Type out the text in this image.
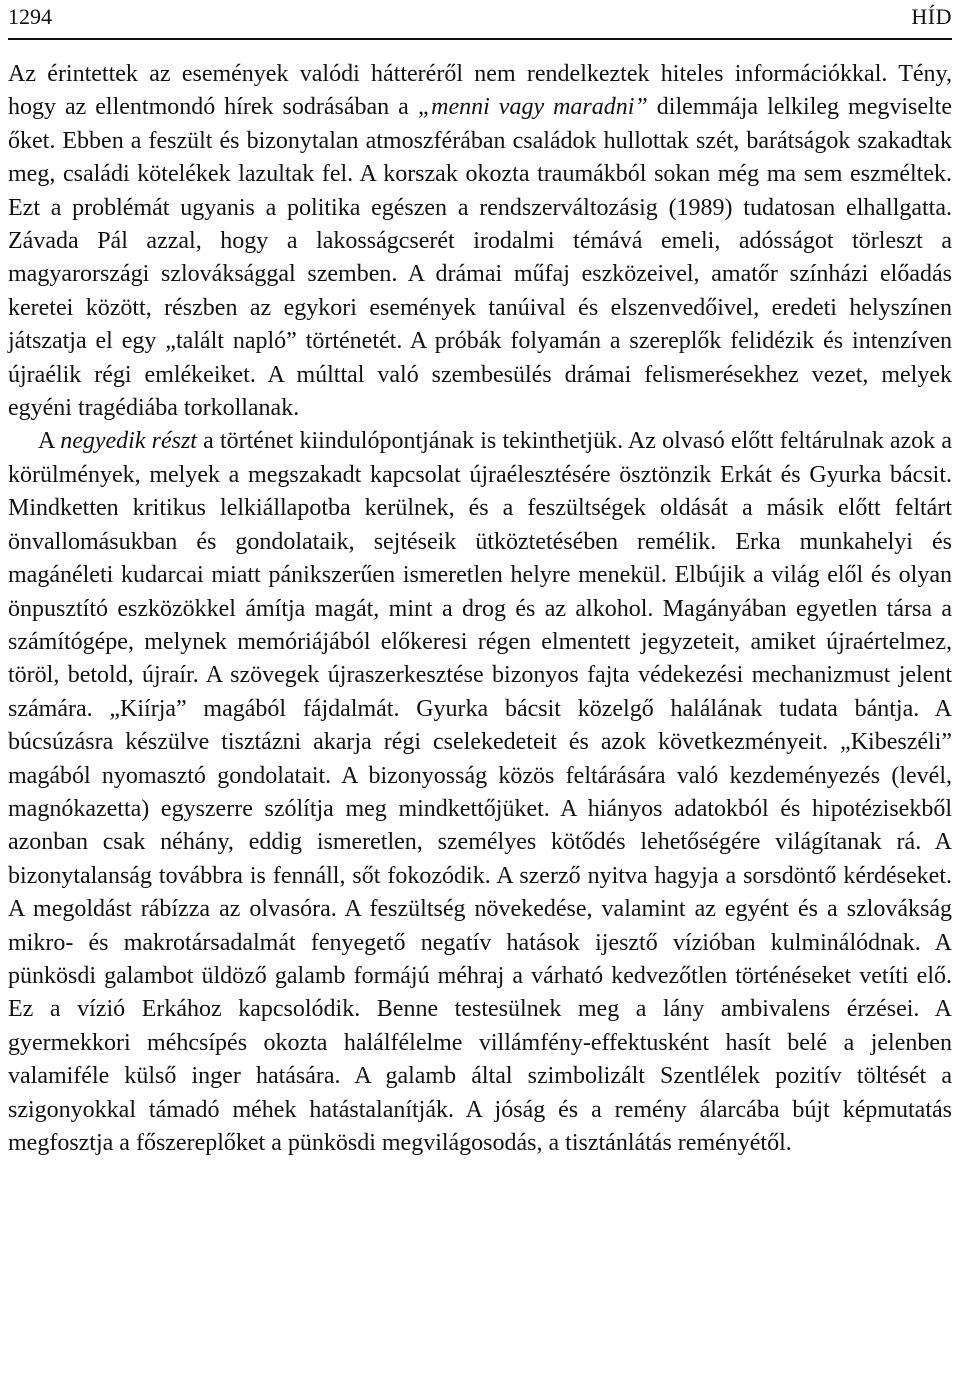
1294	HÍD

Az érintettek az események valódi hátteréről nem rendelkeztek hiteles információkkal. Tény, hogy az ellentmondó hírek sodrásában a „menni vagy maradni” dilemmája lelkileg megviselte őket. Ebben a feszült és bizonytalan atmoszférában családok hullottak szét, barátságok szakadtak meg, családi kötelékek lazultak fel. A korszak okozta traumákból sokan még ma sem eszméltek. Ezt a problémát ugyanis a politika egészen a rendszerváltozásig (1989) tudatosan elhallgatta. Závada Pál azzal, hogy a lakosságcserét irodalmi témává emeli, adósságot törleszt a magyarországi szlováksággal szemben. A drámai műfaj eszközeivel, amatőr színházi előadás keretei között, részben az egykori események tanúival és elszenvedőivel, eredeti helyszínen játszatja el egy „talált napló” történetét. A próbák folyamán a szereplők felidézik és intenzíven újraélik régi emlékeiket. A múlttal való szembesülés drámai felismerésekhez vezet, melyek egyéni tragédiába torkollanak.

A negyedik részt a történet kiindulópontjának is tekinthetjük. Az olvasó előtt feltárulnak azok a körülmények, melyek a megszakadt kapcsolat újraélesztésére ösztönzik Erkát és Gyurka bácsit. Mindketten kritikus lelkiállapotba kerülnek, és a feszültségek oldását a másik előtt feltárt önvallomásukban és gondolataik, sejtéseik ütköztetésében remélik. Erka munkahelyi és magánéleti kudarcai miatt pánikszerűen ismeretlen helyre menekül. Elbújik a világ elől és olyan önpusztító eszközökkel ámítja magát, mint a drog és az alkohol. Magányában egyetlen társa a számítógépe, melynek memóriájából előkeresi régen elmentett jegyzeteit, amiket újraértelmez, töröl, betold, újraír. A szövegek újraszerkesztése bizonyos fajta védekezési mechanizmust jelent számára. „Kiírja” magából fájdalmát. Gyurka bácsit közelgő halálának tudata bántja. A búcsúzásra készülve tisztázni akarja régi cselekedeteit és azok következményeit. „Kibeszéli” magából nyomasztó gondolatait. A bizonyosság közös feltárására való kezdeményezés (levél, magnókazetta) egyszerre szólítja meg mindkettőjüket. A hiányos adatokból és hipotézisekből azonban csak néhány, eddig ismeretlen, személyes kötődés lehetőségére világítanak rá. A bizonytalanság továbbra is fennáll, sőt fokozódik. A szerző nyitva hagyja a sorsdöntő kérdéseket. A megoldást rábízza az olvasóra. A feszültség növekedése, valamint az egyént és a szlovákság mikro- és makrotársadalmát fenyegető negatív hatások ijesztő vízióban kulminálódnak. A pünkösdi galambot üldöző galamb formájú méhraj a várható kedvezőtlen történéseket vetíti elő. Ez a vízió Erkához kapcsolódik. Benne testesülnek meg a lány ambivalens érzései. A gyermekkori méhcsípés okozta halálfélelme villámfény-effektusként hasít belé a jelenben valamiféle külső inger hatására. A galamb által szimbolizált Szentlélek pozitív töltését a szigonyokkal támadó méhek hatástalanítják. A jóság és a remény álarcába bújt képmutatás megfosztja a főszereplőket a pünkösdi megvilágosodás, a tisztánlátás reményétől.
